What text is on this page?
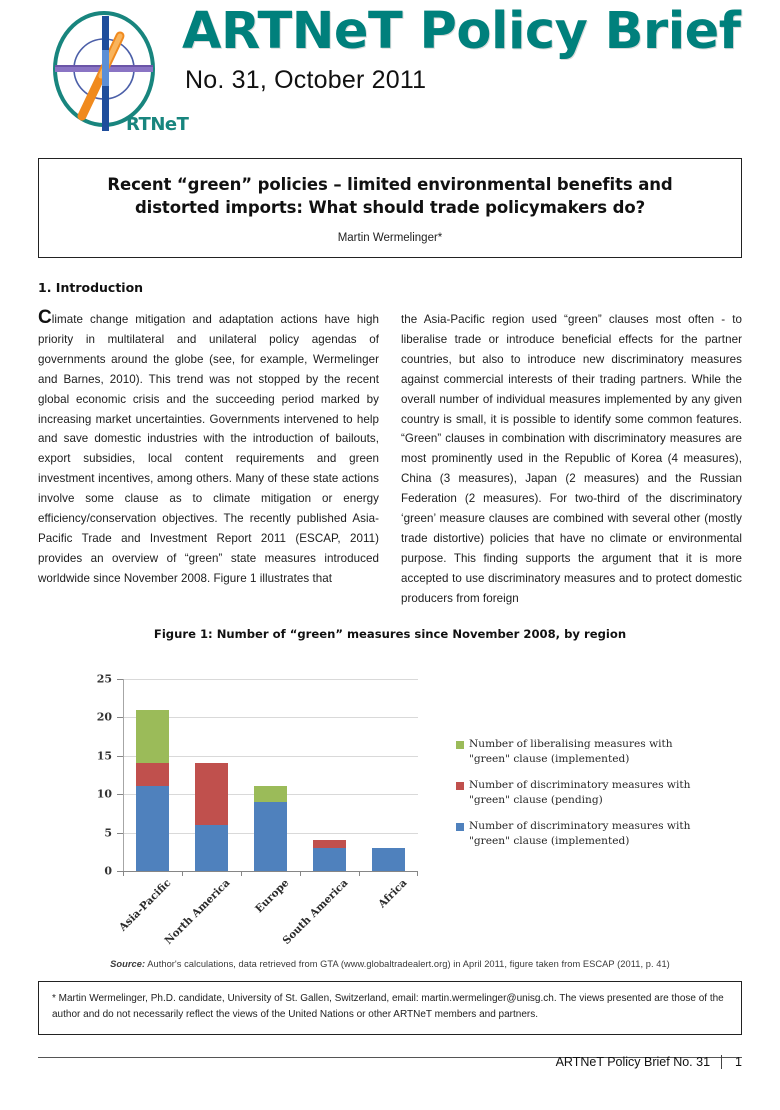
RTNeT
ARTNeT Policy Brief
No. 31, October 2011
Recent “green” policies – limited environmental benefits and distorted imports: What should trade policymakers do?
Martin Wermelinger*
1. Introduction

Climate change mitigation and adaptation actions have high priority in multilateral and unilateral policy agendas of governments around the globe (see, for example, Wermelinger and Barnes, 2010). This trend was not stopped by the recent global economic crisis and the succeeding period marked by increasing market uncertainties. Governments intervened to help and save domestic industries with the introduction of bailouts, export subsidies, local content requirements and green investment incentives, among others. Many of these state actions involve some clause as to climate mitigation or energy efficiency/conservation objectives. The recently published Asia-Pacific Trade and Investment Report 2011 (ESCAP, 2011) provides an overview of “green” state measures introduced worldwide since November 2008. Figure 1 illustrates that

the Asia-Pacific region used “green” clauses most often - to liberalise trade or introduce beneficial effects for the partner countries, but also to introduce new discriminatory measures against commercial interests of their trading partners. While the overall number of individual measures implemented by any given country is small, it is possible to identify some common features. “Green” clauses in combination with discriminatory measures are most prominently used in the Republic of Korea (4 measures), China (3 measures), Japan (2 measures) and the Russian Federation (2 measures). For two-third of the discriminatory ‘green’ measure clauses are combined with several other (mostly trade distortive) policies that have no climate or environmental purpose. This finding supports the argument that it is more accepted to use discriminatory measures and to protect domestic producers from foreign

Figure 1: Number of “green” measures since November 2008, by region
0
5
10
15
20
25
Asia-Pacific
North America Europe
South America Africa
Number of liberalising measures with "green" clause (implemented)
Number of discriminatory measures with "green" clause (pending)
Number of discriminatory measures with "green" clause (implemented)
Source: Author's calculations, data retrieved from GTA (www.globaltradealert.org) in April 2011, figure taken from ESCAP (2011, p. 41)

* Martin Wermelinger, Ph.D. candidate, University of St. Gallen, Switzerland, email: martin.wermelinger@unisg.ch. The views presented are those of the author and do not necessarily reflect the views of the United Nations or other ARTNeT members and partners.

ARTNeT Policy Brief No. 31	1
